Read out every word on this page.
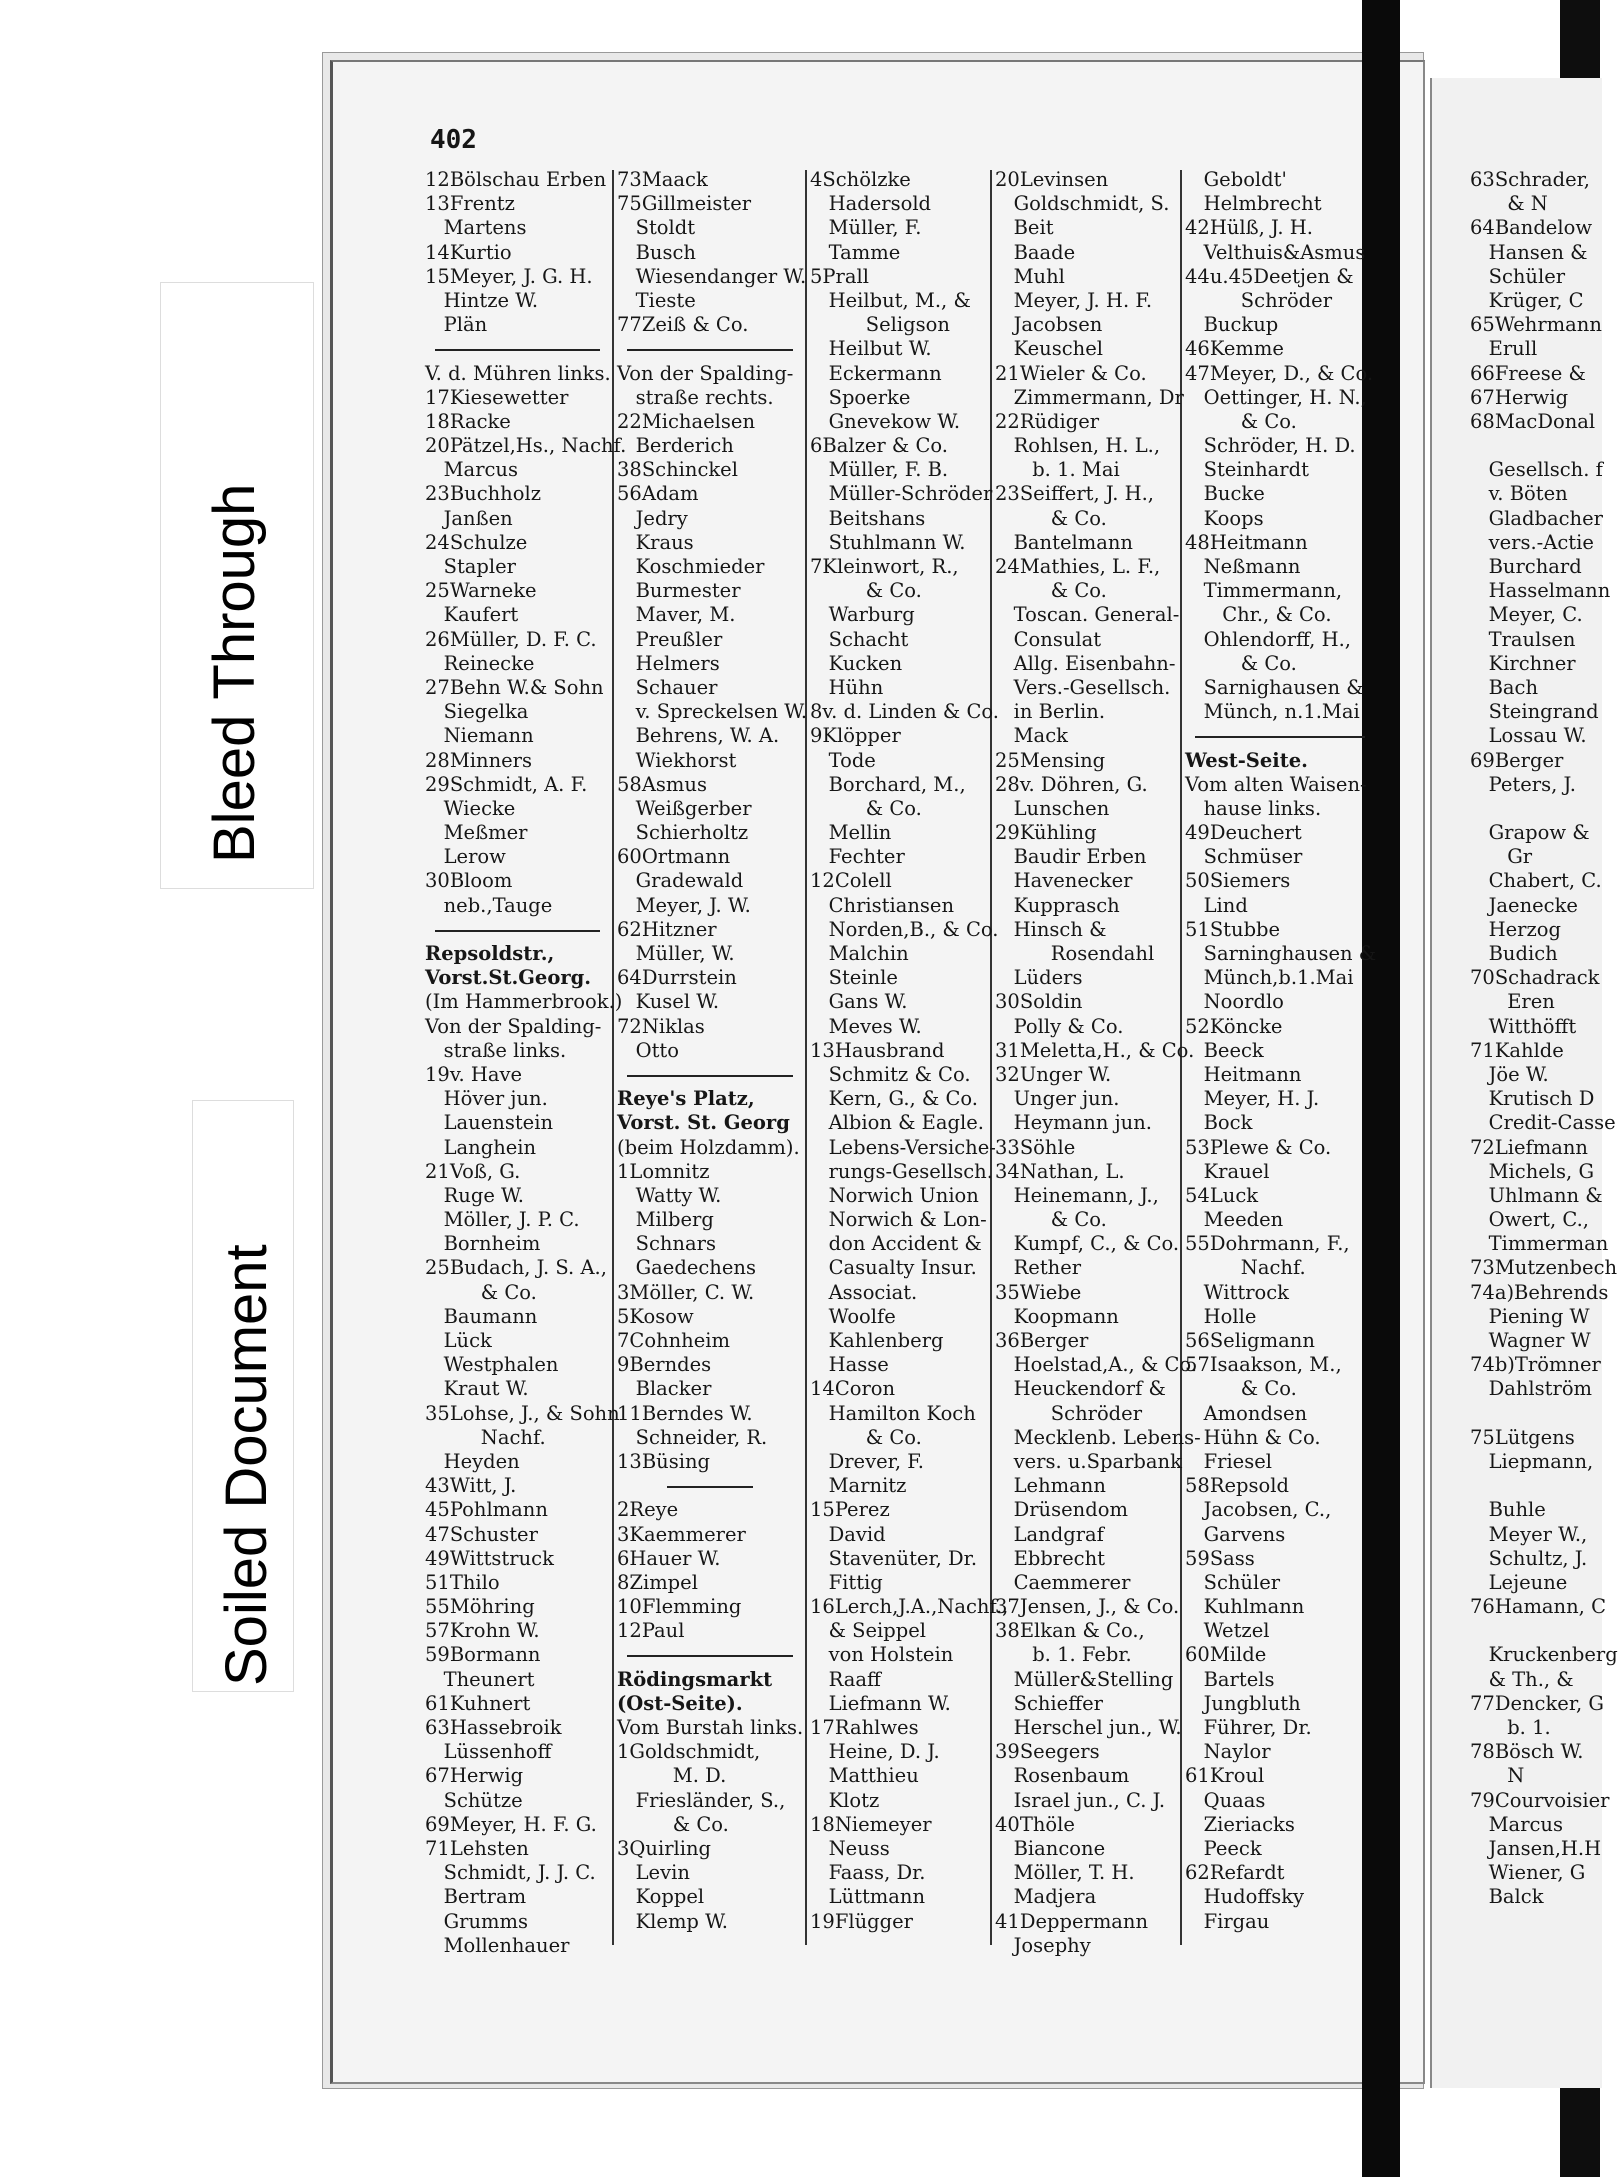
402
12Bölschau Erben
13Frentz
Martens
14Kurtio
15Meyer, J. G. H.
Hintze W.
Plän
V. d. Mühren links.
17Kiesewetter
18Racke
20Pätzel,Hs., Nachf.
Marcus
23Buchholz
Janßen
24Schulze
Stapler
25Warneke
Kaufert
26Müller, D. F. C.
Reinecke
27Behn W.& Sohn
Siegelka
Niemann
28Minners
29Schmidt, A. F.
Wiecke
Meßmer
Lerow
30Bloom
neb.,Tauge
Repsoldstr.,
Vorst.St.Georg.
(Im Hammerbrook.)
Von der Spalding-
straße links.
19v. Have
Höver jun.
Lauenstein
Langhein
21Voß, G.
Ruge W.
Möller, J. P. C.
Bornheim
25Budach, J. S. A.,
& Co.
Baumann
Lück
Westphalen
Kraut W.
35Lohse, J., & Sohn
Nachf.
Heyden
43Witt, J.
45Pohlmann
47Schuster
49Wittstruck
51Thilo
55Möhring
57Krohn W.
59Bormann
Theunert
61Kuhnert
63Hassebroik
Lüssenhoff
67Herwig
Schütze
69Meyer, H. F. G.
71Lehsten
Schmidt, J. J. C.
Bertram
Grumms
Mollenhauer
73Maack
75Gillmeister
Stoldt
Busch
Wiesendanger W.
Tieste
77Zeiß & Co.
Von der Spalding-
straße rechts.
22Michaelsen
Berderich
38Schinckel
56Adam
Jedry
Kraus
Koschmieder
Burmester
Maver, M.
Preußler
Helmers
Schauer
v. Spreckelsen W.
Behrens, W. A.
Wiekhorst
58Asmus
Weißgerber
Schierholtz
60Ortmann
Gradewald
Meyer, J. W.
62Hitzner
Müller, W.
64Durrstein
Kusel W.
72Niklas
Otto
Reye's Platz,
Vorst. St. Georg
(beim Holzdamm).
1Lomnitz
Watty W.
Milberg
Schnars
Gaedechens
3Möller, C. W.
5Kosow
7Cohnheim
9Berndes
Blacker
11Berndes W.
Schneider, R.
13Büsing
2Reye
3Kaemmerer
6Hauer W.
8Zimpel
10Flemming
12Paul
Rödingsmarkt
(Ost-Seite).
Vom Burstah links.
1Goldschmidt,
M. D.
Friesländer, S.,
& Co.
3Quirling
Levin
Koppel
Klemp W.
4Schölzke
Hadersold
Müller, F.
Tamme
5Prall
Heilbut, M., &
Seligson
Heilbut W.
Eckermann
Spoerke
Gnevekow W.
6Balzer & Co.
Müller, F. B.
Müller-Schröder
Beitshans
Stuhlmann W.
7Kleinwort, R.,
& Co.
Warburg
Schacht
Kucken
Hühn
8v. d. Linden & Co.
9Klöpper
Tode
Borchard, M.,
& Co.
Mellin
Fechter
12Colell
Christiansen
Norden,B., & Co.
Malchin
Steinle
Gans W.
Meves W.
13Hausbrand
Schmitz & Co.
Kern, G., & Co.
Albion & Eagle.
Lebens-Versiche-
rungs-Gesellsch.
Norwich Union
Norwich & Lon-
don Accident &
Casualty Insur.
Associat.
Woolfe
Kahlenberg
Hasse
14Coron
Hamilton Koch
& Co.
Drever, F.
Marnitz
15Perez
David
Stavenüter, Dr.
Fittig
16Lerch,J.A.,Nachf.,
& Seippel
von Holstein
Raaff
Liefmann W.
17Rahlwes
Heine, D. J.
Matthieu
Klotz
18Niemeyer
Neuss
Faass, Dr.
Lüttmann
19Flügger
20Levinsen
Goldschmidt, S.
Beit
Baade
Muhl
Meyer, J. H. F.
Jacobsen
Keuschel
21Wieler & Co.
Zimmermann, Dr
22Rüdiger
Rohlsen, H. L.,
b. 1. Mai
23Seiffert, J. H.,
& Co.
Bantelmann
24Mathies, L. F.,
& Co.
Toscan. General-
Consulat
Allg. Eisenbahn-
Vers.-Gesellsch.
in Berlin.
Mack
25Mensing
28v. Döhren, G.
Lunschen
29Kühling
Baudir Erben
Havenecker
Kupprasch
Hinsch &
Rosendahl
Lüders
30Soldin
Polly & Co.
31Meletta,H., & Co.
32Unger W.
Unger jun.
Heymann jun.
33Söhle
34Nathan, L.
Heinemann, J.,
& Co.
Kumpf, C., & Co.
Rether
35Wiebe
Koopmann
36Berger
Hoelstad,A., & Co.
Heuckendorf &
Schröder
Mecklenb. Lebens-
vers. u.Sparbank
Lehmann
Drüsendom
Landgraf
Ebbrecht
Caemmerer
37Jensen, J., & Co.
38Elkan & Co.,
b. 1. Febr.
Müller&Stelling
Schieffer
Herschel jun., W.
39Seegers
Rosenbaum
Israel jun., C. J.
40Thöle
Biancone
Möller, T. H.
Madjera
41Deppermann
Josephy
Geboldt'
Helmbrecht
42Hülß, J. H.
Velthuis&Asmus
44u.45Deetjen &
Schröder
Buckup
46Kemme
47Meyer, D., & Co.
Oettinger, H. N.,
& Co.
Schröder, H. D.
Steinhardt
Bucke
Koops
48Heitmann
Neßmann
Timmermann,
Chr., & Co.
Ohlendorff, H.,
& Co.
Sarnighausen &
Münch, n.1.Mai
West-Seite.
Vom alten Waisen-
hause links.
49Deuchert
Schmüser
50Siemers
Lind
51Stubbe
Sarninghausen &
Münch,b.1.Mai
Noordlo
52Köncke
Beeck
Heitmann
Meyer, H. J.
Bock
53Plewe & Co.
Krauel
54Luck
Meeden
55Dohrmann, F.,
Nachf.
Wittrock
Holle
56Seligmann
57Isaakson, M.,
& Co.
Amondsen
Hühn & Co.
Friesel
58Repsold
Jacobsen, C.,
Garvens
59Sass
Schüler
Kuhlmann
Wetzel
60Milde
Bartels
Jungbluth
Führer, Dr.
Naylor
61Kroul
Quaas
Zieriacks
Peeck
62Refardt
Hudoffsky
Firgau
63Schrader,
& N
64Bandelow
Hansen &
Schüler
Krüger, C
65Wehrmann
Erull
66Freese &
67Herwig
68MacDonal
Gesellsch. f
v. Böten
Gladbacher
vers.-Actie
Burchard
Hasselmann
Meyer, C.
Traulsen
Kirchner
Bach
Steingrand
Lossau W.
69Berger
Peters, J.
Grapow &
Gr
Chabert, C.
Jaenecke
Herzog
Budich
70Schadrack
Eren
Witthöfft
71Kahlde
Jöe W.
Krutisch D
Credit-Casse
72Liefmann
Michels, G
Uhlmann &
Owert, C.,
Timmerman
73Mutzenbech
74a)Behrends
Piening W
Wagner W
74b)Trömner
Dahlström
75Lütgens
Liepmann,
Buhle
Meyer W.,
Schultz, J.
Lejeune
76Hamann, C
Kruckenberg
& Th., &
77Dencker, G
b. 1.
78Bösch W.
N
79Courvoisier
Marcus
Jansen,H.H
Wiener, G
Balck
Bleed Through
Soiled Document
